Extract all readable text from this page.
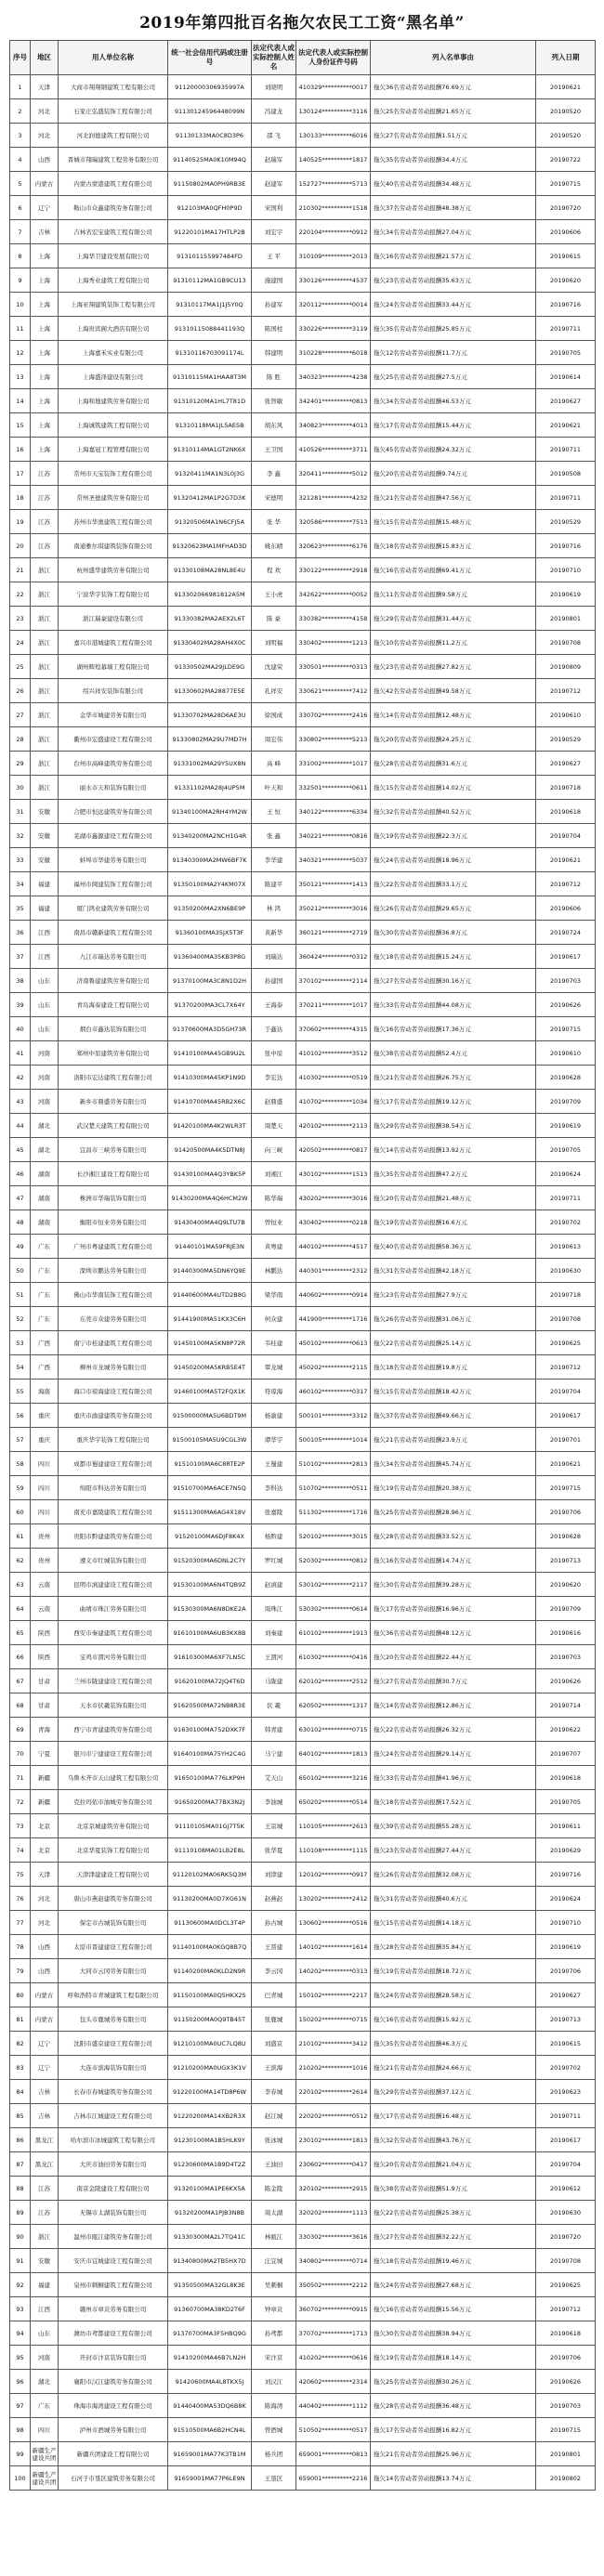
2019年第四批百名拖欠农民工工资“黑名单”
序号	地区	用人单位名称	统一社会信用代码或注册号	法定代表人或实际控制人姓名	法定代表人或实际控制人身份证件号码	列入名单事由	列入日期
1	天津	大商市翔翔钢建筑工程有限公司	91120000306935997A	刘晓明	410329**********0017	拖欠36名劳动者劳动报酬76.69万元	20190621
2	河北	石家庄弘盛装饰工程有限公司	91130124596448099N	冯建龙	130124**********3116	拖欠25名劳动者劳动报酬21.65万元	20190520
3	河北	河北润德建筑工程有限公司	91130133MA0C8D3P6	邵 飞	130133**********6016	拖欠27名劳动者劳动报酬1.51万元	20190520
4	山西	晋城市翔瑞建筑工程劳务有限公司	91140525MA0K10M94Q	赵瑞军	140525**********1817	拖欠35名劳动者劳动报酬34.4万元	20190722
5	内蒙古	内蒙古蒙港建筑工程有限公司	91150802MA0PH9RB3E	赵建军	152727**********5713	拖欠40名劳动者劳动报酬34.48万元	20190715
6	辽宁	鞍山市众鑫建筑劳务有限公司	912103MA0QFH0P9D	宋国利	210302**********1518	拖欠37名劳动者劳动报酬48.38万元	20190720
7	吉林	吉林省宏宝建筑工程有限公司	91220101MA17HTLP2B	刘宏宇	220104**********0912	拖欠34名劳动者劳动报酬27.04万元	20190606
8	上海	上海华卫建设发展有限公司	913101155997484FD	王 平	310109**********2013	拖欠16名劳动者劳动报酬21.57万元	20190615
9	上海	上海秀业建筑工程有限公司	91310112MA1GB9CU13	施建国	330126**********4537	拖欠23名劳动者劳动报酬35.63万元	20190620
10	上海	上海亚翔建筑装饰工程有限公司	91310117MA1J1J5Y0Q	孙建军	320112**********0014	拖欠24名劳动者劳动报酬33.44万元	20190716
11	上海	上海贵宾阁大酒店有限公司	91310115088441193Q	陈国柱	330226**********3119	拖欠35名劳动者劳动报酬25.85万元	20190711
12	上海	上海嘉禾实业有限公司	91310116703091174L	韩建明	310228**********6018	拖欠12名劳动者劳动报酬11.7万元	20190705
13	上海	上海盛泽建设有限公司	91310115MA1HAA8T3M	陈 胜	340323**********4238	拖欠25名劳动者劳动报酬27.5万元	20190614
14	上海	上海和地建筑劳务有限公司	91310120MA1HL7T81D	张智敏	342401**********0813	拖欠34名劳动者劳动报酬46.53万元	20190627
15	上海	上海诚筑建筑工程有限公司	91310118MA1JL5AE5B	胡东风	340823**********4013	拖欠17名劳动者劳动报酬15.44万元	20190621
16	上海	上海嘉冠工程管理有限公司	91310114MA1GT2NK6X	王卫国	410526**********3711	拖欠45名劳动者劳动报酬24.32万元	20190711
17	江苏	常州市天宝装饰工程有限公司	91320411MA1N3L0J3G	李 鑫	320411**********5012	拖欠20名劳动者劳动报酬9.74万元	20190508
18	江苏	常州圣德建筑劳务有限公司	91320412MA1P2G7D3K	宋德明	321281**********4232	拖欠21名劳动者劳动报酬47.56万元	20190711
19	江苏	苏州市华奥建筑工程有限公司	91320506MA1N6CFJ5A	张 华	320586**********7513	拖欠15名劳动者劳动报酬15.48万元	20190529
20	江苏	南通雅尔琪建筑装饰有限公司	91320623MA1MFHAD3D	姚东晴	320623**********6176	拖欠18名劳动者劳动报酬15.83万元	20190716
21	浙江	杭州盛华建筑劳务有限公司	91330108MA28NL8E4U	程 欢	330122**********2918	拖欠16名劳动者劳动报酬69.41万元	20190710
22	浙江	宁波华宇装饰工程有限公司	913302066981812A5M	王小虎	342622**********0052	拖欠11名劳动者劳动报酬9.58万元	20190619
23	浙江	浙江瑞豪建设有限公司	91330382MA2AEX2L6T	陈 豪	330382**********4158	拖欠29名劳动者劳动报酬31.44万元	20190801
24	浙江	嘉兴市港城建筑工程有限公司	91330402MA28AH4X0C	刘明福	330402**********1213	拖欠10名劳动者劳动报酬11.2万元	20190708
25	浙江	湖州辉煌幕墙工程有限公司	91330502MA29JLDE9G	沈建荣	330501**********0313	拖欠23名劳动者劳动报酬27.82万元	20190809
26	浙江	绍兴祥安装饰有限公司	91330602MA28877E5E	孔祥安	330621**********7412	拖欠42名劳动者劳动报酬49.58万元	20190712
27	浙江	金华市城建劳务有限公司	91330702MA28D6AE3U	徐国成	330702**********2416	拖欠14名劳动者劳动报酬12.48万元	20190610
28	浙江	衢州市宏盛建设工程有限公司	91330802MA29U7MD7H	周宏伟	330802**********5213	拖欠20名劳动者劳动报酬24.25万元	20190529
29	浙江	台州市高峰建筑劳务有限公司	91331002MA29Y5UX8N	高 峰	331002**********1017	拖欠28名劳动者劳动报酬31.6万元	20190627
30	浙江	丽水市天和装饰有限公司	91331102MA28J4UP5M	叶天和	332501**********0611	拖欠15名劳动者劳动报酬14.02万元	20190718
31	安徽	合肥市恒远建筑劳务有限公司	91340100MA2RH4YM2W	王 恒	340122**********6334	拖欠32名劳动者劳动报酬40.52万元	20190618
32	安徽	芜湖市鑫源建设工程有限公司	91340200MA2NCH1G4R	张 鑫	340221**********0816	拖欠19名劳动者劳动报酬22.3万元	20190704
33	安徽	蚌埠市华建劳务有限公司	91340300MA2MW6BF7K	李华建	340321**********5037	拖欠24名劳动者劳动报酬18.96万元	20190621
34	福建	福州市闽建装饰工程有限公司	91350100MA2Y4KM07X	陈建平	350121**********1413	拖欠22名劳动者劳动报酬33.1万元	20190712
35	福建	厦门鸿业建筑劳务有限公司	91350200MA2XN6BE9P	林 鸿	350212**********3016	拖欠26名劳动者劳动报酬29.65万元	20190606
36	江西	南昌市赣新建筑工程有限公司	91360100MA35JX5T3F	黄新华	360121**********2719	拖欠30名劳动者劳动报酬36.8万元	20190724
37	江西	九江市瑞达劳务有限公司	91360400MA35KB3P8G	刘瑞达	360424**********0312	拖欠18名劳动者劳动报酬15.24万元	20190617
38	山东	济南鲁建建筑劳务有限公司	91370100MA3C8N1D2H	孙建国	370102**********2114	拖欠27名劳动者劳动报酬30.16万元	20190703
39	山东	青岛海泰建设工程有限公司	91370200MA3CL7X64Y	王海泰	370211**********1017	拖欠33名劳动者劳动报酬44.08万元	20190626
40	山东	烟台市鑫达装饰有限公司	91370600MA3D5GH73R	于鑫达	370602**********4315	拖欠16名劳动者劳动报酬17.36万元	20190715
41	河南	郑州中原建筑劳务有限公司	91410100MA45GB9U2L	张中原	410102**********3512	拖欠38名劳动者劳动报酬52.4万元	20190610
42	河南	洛阳市宏达建筑工程有限公司	91410300MA45KP1N9D	李宏达	410302**********0519	拖欠21名劳动者劳动报酬26.75万元	20190628
43	河南	新乡市鼎盛劳务有限公司	91410700MA45RB2X6C	赵鼎盛	410702**********1034	拖欠17名劳动者劳动报酬19.12万元	20190709
44	湖北	武汉楚天建筑工程有限公司	91420100MA4K2WLR3T	周楚天	420102**********2113	拖欠29名劳动者劳动报酬38.54万元	20190619
45	湖北	宜昌市三峡劳务有限公司	91420500MA4K5DTN8J	向三峡	420502**********0817	拖欠14名劳动者劳动报酬13.92万元	20190705
46	湖南	长沙湘江建设工程有限公司	91430100MA4Q3YBK5P	刘湘江	430102**********1513	拖欠35名劳动者劳动报酬47.2万元	20190624
47	湖南	株洲市华瑞装饰有限公司	91430200MA4Q6HCM2W	陈华瑞	430202**********3016	拖欠20名劳动者劳动报酬21.48万元	20190711
48	湖南	衡阳市恒业劳务有限公司	91430400MA4Q9LTU7B	曾恒业	430402**********0218	拖欠19名劳动者劳动报酬16.6万元	20190702
49	广东	广州市粤建建筑工程有限公司	91440101MA59FRJE3N	黄粤建	440102**********4517	拖欠40名劳动者劳动报酬58.36万元	20190613
50	广东	深圳市鹏达劳务有限公司	91440300MA5DN6YQ9E	林鹏达	440301**********2312	拖欠31名劳动者劳动报酬42.18万元	20190630
51	广东	佛山市华南装饰工程有限公司	91440600MA4UTD2B8G	梁华南	440602**********0914	拖欠23名劳动者劳动报酬27.9万元	20190718
52	广东	东莞市众建劳务有限公司	91441900MA51KX3C6H	何众建	441900**********1716	拖欠26名劳动者劳动报酬31.06万元	20190708
53	广西	南宁市桂建建筑工程有限公司	91450100MA5KN8P72R	韦桂建	450102**********0613	拖欠22名劳动者劳动报酬25.14万元	20190625
54	广西	柳州市龙城劳务有限公司	91450200MA5KRB5E4T	覃龙城	450202**********2115	拖欠18名劳动者劳动报酬19.8万元	20190712
55	海南	海口市琼海建设工程有限公司	91460100MA5T2FQX1K	符琼海	460102**********0317	拖欠15名劳动者劳动报酬18.42万元	20190704
56	重庆	重庆市渝建建筑劳务有限公司	91500000MA5U6BDT9M	杨渝建	500101**********3312	拖欠37名劳动者劳动报酬49.66万元	20190617
57	重庆	重庆华宇装饰工程有限公司	91500105MA5U9CGL3W	谭华宇	500105**********1014	拖欠21名劳动者劳动报酬23.9万元	20190701
58	四川	成都市蜀建建设工程有限公司	91510100MA6C8RTE2P	王蜀建	510102**********2813	拖欠34名劳动者劳动报酬45.74万元	20190621
59	四川	绵阳市科达劳务有限公司	91510700MA6ACE7N5Q	李科达	510702**********0511	拖欠19名劳动者劳动报酬20.38万元	20190715
60	四川	南充市嘉陵建筑工程有限公司	91511300MA6AG4X18V	张嘉陵	511302**********1716	拖欠25名劳动者劳动报酬28.96万元	20190706
61	贵州	贵阳市黔建建筑劳务有限公司	91520100MA6DJF8K4X	杨黔建	520102**********3015	拖欠28名劳动者劳动报酬33.52万元	20190628
62	贵州	遵义市红城装饰有限公司	91520300MA6DNL2C7Y	罗红城	520302**********0812	拖欠16名劳动者劳动报酬14.74万元	20190713
63	云南	昆明市滇建建设工程有限公司	91530100MA6N4TQB9Z	赵滇建	530102**********2117	拖欠30名劳动者劳动报酬39.28万元	20190620
64	云南	曲靖市珠江劳务有限公司	91530300MA6N8DKE2A	周珠江	530302**********0614	拖欠17名劳动者劳动报酬16.96万元	20190709
65	陕西	西安市秦建建筑工程有限公司	91610100MA6UB3KX8B	刘秦建	610102**********1913	拖欠36名劳动者劳动报酬48.12万元	20190616
66	陕西	宝鸡市渭河劳务有限公司	91610300MA6XF7LN5C	王渭河	610302**********0416	拖欠20名劳动者劳动报酬22.44万元	20190703
67	甘肃	兰州市陇建建设工程有限公司	91620100MA72JQ4T6D	马陇建	620102**********2512	拖欠27名劳动者劳动报酬30.7万元	20190626
68	甘肃	天水市伏羲装饰有限公司	91620500MA72NB8R3E	伏 羲	620502**********1317	拖欠14名劳动者劳动报酬12.86万元	20190714
69	青海	西宁市青建建筑劳务有限公司	91630100MA752DXK7F	韩青建	630102**********0715	拖欠22名劳动者劳动报酬26.32万元	20190622
70	宁夏	银川市宁建建设工程有限公司	91640100MA75YH2C4G	马宁建	640102**********1813	拖欠24名劳动者劳动报酬29.14万元	20190707
71	新疆	乌鲁木齐市天山建筑工程有限公司	91650100MA776LKP9H	艾天山	650102**********3216	拖欠33名劳动者劳动报酬41.96万元	20190618
72	新疆	克拉玛依市油城劳务有限公司	91650200MA77BX3N2J	李油城	650202**********0514	拖欠18名劳动者劳动报酬17.52万元	20190705
73	北京	北京京城建筑劳务有限公司	91110105MA01GJ7T5K	王京城	110105**********2613	拖欠39名劳动者劳动报酬55.28万元	20190611
74	北京	北京华夏装饰工程有限公司	91110108MA01LB2E8L	张华夏	110108**********1115	拖欠23名劳动者劳动报酬27.44万元	20190629
75	天津	天津津建建设工程有限公司	91120102MA06RK5Q3M	刘津建	120102**********0917	拖欠26名劳动者劳动报酬32.08万元	20190716
76	河北	唐山市燕赵建筑劳务有限公司	91130200MA0D7XG61N	赵燕赵	130202**********2412	拖欠31名劳动者劳动报酬40.6万元	20190624
77	河北	保定市古城装饰有限公司	91130600MA0DCL3T4P	孙古城	130602**********0516	拖欠15名劳动者劳动报酬14.18万元	20190710
78	山西	太原市晋建建设工程有限公司	91140100MA0KGQ8B7Q	王晋建	140102**********1614	拖欠28名劳动者劳动报酬35.84万元	20190619
79	山西	大同市云冈劳务有限公司	91140200MA0KLD2N9R	李云冈	140202**********0313	拖欠19名劳动者劳动报酬18.72万元	20190706
80	内蒙古	呼和浩特市青城建筑工程有限公司	91150100MA0Q5HKX2S	巴青城	150102**********2217	拖欠24名劳动者劳动报酬28.58万元	20190627
81	内蒙古	包头市鹿城劳务有限公司	91150200MA0Q9TB45T	张鹿城	150202**********0715	拖欠16名劳动者劳动报酬15.92万元	20190713
82	辽宁	沈阳市盛京建设工程有限公司	91210100MA0UC7LQ8U	刘盛京	210102**********3412	拖欠35名劳动者劳动报酬46.3万元	20190615
83	辽宁	大连市滨海装饰有限公司	91210200MA0UGX3K1V	王滨海	210202**********1016	拖欠21名劳动者劳动报酬24.66万元	20190702
84	吉林	长春市春城建筑劳务有限公司	91220100MA14TD8P6W	李春城	220102**********2614	拖欠29名劳动者劳动报酬37.12万元	20190623
85	吉林	吉林市江城建设工程有限公司	91220200MA14XB2R3X	赵江城	220202**********0512	拖欠17名劳动者劳动报酬16.48万元	20190711
86	黑龙江	哈尔滨市冰城建筑工程有限公司	91230100MA1B5HLK9Y	张冰城	230102**********1813	拖欠32名劳动者劳动报酬43.76万元	20190617
87	黑龙江	大庆市油田劳务有限公司	91230600MA1B9D4T2Z	王油田	230602**********0417	拖欠20名劳动者劳动报酬21.04万元	20190704
88	江苏	南京金陵建设工程有限公司	91320100MA1PE6KX5A	陈金陵	320102**********2915	拖欠38名劳动者劳动报酬51.9万元	20190612
89	江苏	无锡市太湖装饰有限公司	91320200MA1PJB3N8B	周太湖	320202**********1113	拖欠22名劳动者劳动报酬25.38万元	20190630
90	浙江	温州市瓯江建筑劳务有限公司	91330300MA2L7TQ41C	林瓯江	330302**********3616	拖欠27名劳动者劳动报酬32.22万元	20190720
91	安徽	安庆市宜城建设工程有限公司	91340800MA2TB5HX7D	汪宜城	340802**********0714	拖欠18名劳动者劳动报酬19.46万元	20190708
92	福建	泉州市刺桐建筑工程有限公司	91350500MA32GL8K3E	吴刺桐	350502**********2212	拖欠24名劳动者劳动报酬27.68万元	20190625
93	江西	赣州市章贡劳务有限公司	91360700MA38KD2T6F	钟章贡	360702**********0915	拖欠16名劳动者劳动报酬15.56万元	20190712
94	山东	潍坊市鸢都建设工程有限公司	91370700MA3F5HBQ9G	孙鸢都	370702**********1713	拖欠30名劳动者劳动报酬38.94万元	20190618
95	河南	开封市汴京装饰有限公司	91410200MA46B7LN2H	宋汴京	410202**********0616	拖欠19名劳动者劳动报酬18.14万元	20190706
96	湖北	襄阳市汉江建筑劳务有限公司	91420600MA4L8TKX5J	刘汉江	420602**********2314	拖欠25名劳动者劳动报酬30.26万元	20190626
97	广东	珠海市海湾建设工程有限公司	91440400MA53DQ6B8K	陈海湾	440402**********1112	拖欠28名劳动者劳动报酬36.48万元	20190703
98	四川	泸州市酒城劳务有限公司	91510500MA6B2HCN4L	曾酒城	510502**********0517	拖欠17名劳动者劳动报酬16.82万元	20190715
99	新疆生产建设兵团	新疆兵团建设工程有限公司	91659001MA77K3TB1M	杨兵团	659001**********0813	拖欠21名劳动者劳动报酬25.96万元	20190801
100	新疆生产建设兵团	石河子市垦区建筑劳务有限公司	91659001MA77P6LE9N	王垦区	659001**********2216	拖欠14名劳动者劳动报酬13.74万元	20190802
